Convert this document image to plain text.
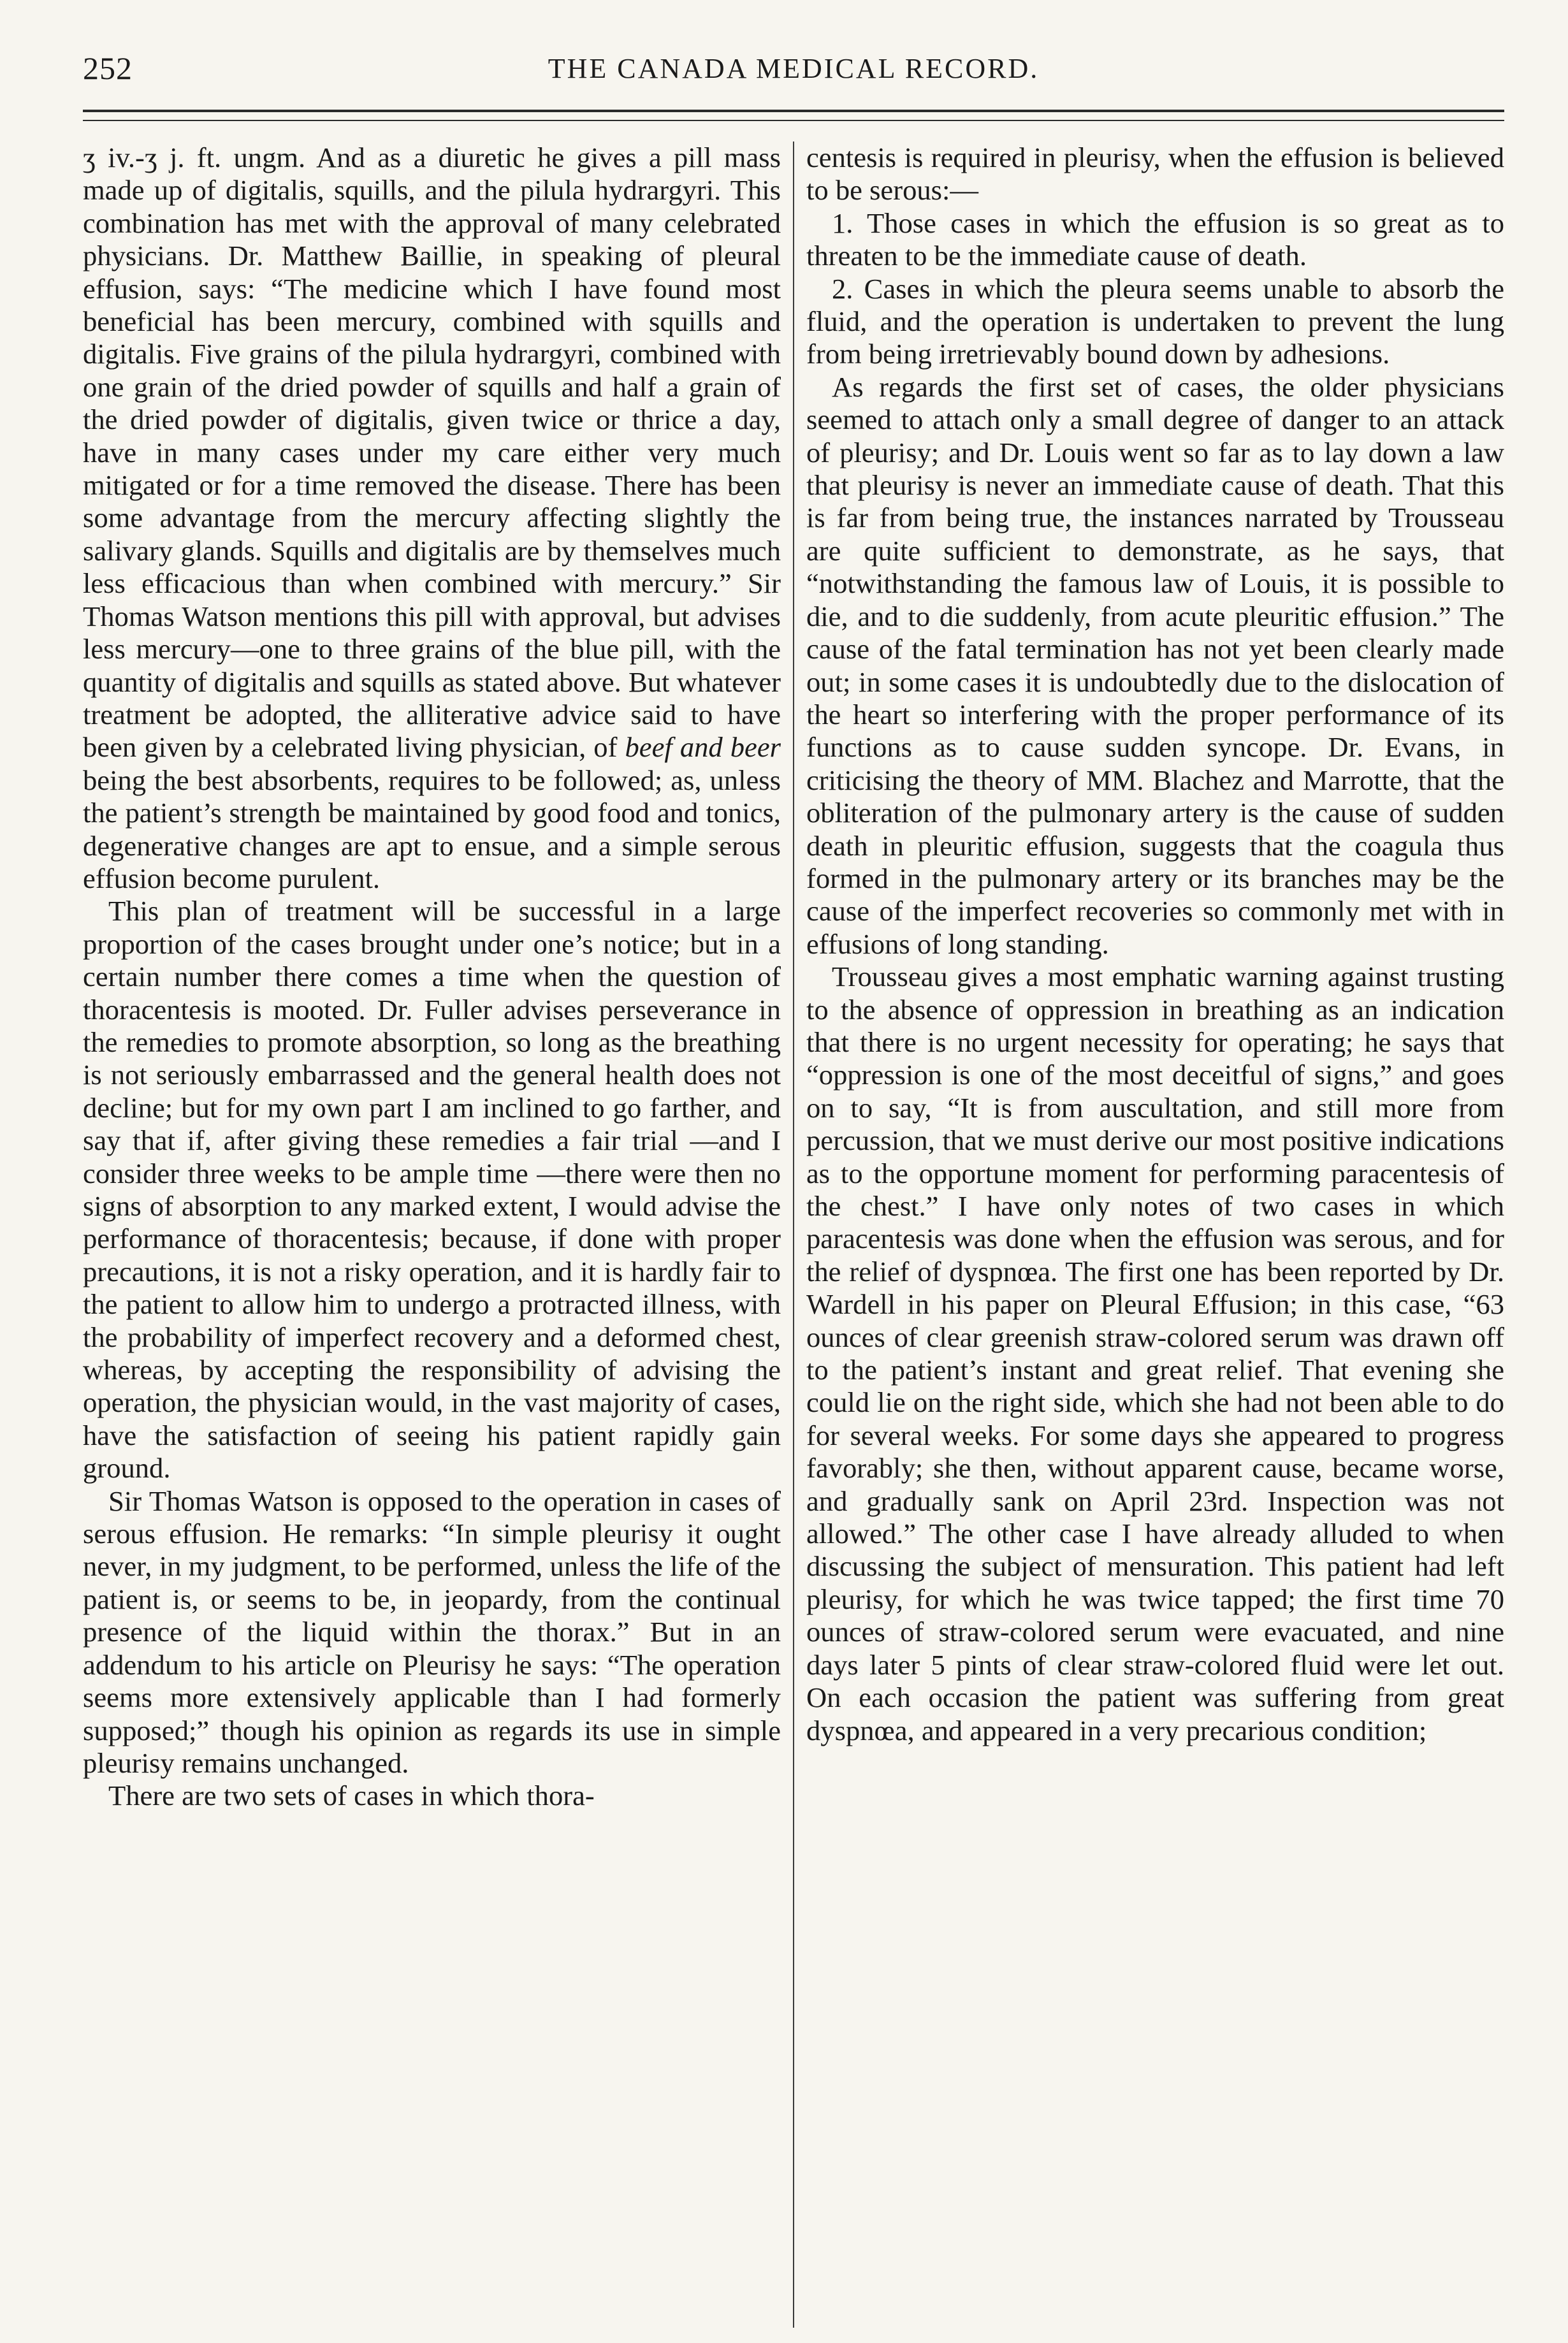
252	THE CANADA MEDICAL RECORD.

ʒ iv.-ʒ j. ft. ungm. And as a diuretic he gives a pill mass made up of digitalis, squills, and the pilula hydrargyri. This combination has met with the approval of many celebrated physicians. Dr. Matthew Baillie, in speaking of pleural effusion, says: “The medicine which I have found most beneficial has been mercury, combined with squills and digitalis. Five grains of the pilula hydrargyri, combined with one grain of the dried powder of squills and half a grain of the dried powder of digitalis, given twice or thrice a day, have in many cases under my care either very much mitigated or for a time removed the disease. There has been some advantage from the mercury affecting slightly the salivary glands. Squills and digitalis are by themselves much less efficacious than when combined with mercury.” Sir Thomas Watson mentions this pill with approval, but advises less mercury—one to three grains of the blue pill, with the quantity of digitalis and squills as stated above. But whatever treatment be adopted, the alliterative advice said to have been given by a celebrated living physician, of beef and beer being the best absorbents, requires to be followed; as, unless the patient’s strength be maintained by good food and tonics, degenerative changes are apt to ensue, and a simple serous effusion become purulent.

This plan of treatment will be successful in a large proportion of the cases brought under one’s notice; but in a certain number there comes a time when the question of thoracentesis is mooted. Dr. Fuller advises perseverance in the remedies to promote absorption, so long as the breathing is not seriously embarrassed and the general health does not decline; but for my own part I am inclined to go farther, and say that if, after giving these remedies a fair trial —and I consider three weeks to be ample time —there were then no signs of absorption to any marked extent, I would advise the performance of thoracentesis; because, if done with proper precautions, it is not a risky operation, and it is hardly fair to the patient to allow him to undergo a protracted illness, with the probability of imperfect recovery and a deformed chest, whereas, by accepting the responsibility of advising the operation, the physician would, in the vast majority of cases, have the satisfaction of seeing his patient rapidly gain ground.

Sir Thomas Watson is opposed to the operation in cases of serous effusion. He remarks: “In simple pleurisy it ought never, in my judgment, to be performed, unless the life of the patient is, or seems to be, in jeopardy, from the continual presence of the liquid within the thorax.” But in an addendum to his article on Pleurisy he says: “The operation seems more extensively applicable than I had formerly supposed;” though his opinion as regards its use in simple pleurisy remains unchanged.

There are two sets of cases in which thora-

centesis is required in pleurisy, when the effusion is believed to be serous:—

1. Those cases in which the effusion is so great as to threaten to be the immediate cause of death.

2. Cases in which the pleura seems unable to absorb the fluid, and the operation is undertaken to prevent the lung from being irretrievably bound down by adhesions.

As regards the first set of cases, the older physicians seemed to attach only a small degree of danger to an attack of pleurisy; and Dr. Louis went so far as to lay down a law that pleurisy is never an immediate cause of death. That this is far from being true, the instances narrated by Trousseau are quite sufficient to demonstrate, as he says, that “notwithstanding the famous law of Louis, it is possible to die, and to die suddenly, from acute pleuritic effusion.” The cause of the fatal termination has not yet been clearly made out; in some cases it is undoubtedly due to the dislocation of the heart so interfering with the proper performance of its functions as to cause sudden syncope. Dr. Evans, in criticising the theory of MM. Blachez and Marrotte, that the obliteration of the pulmonary artery is the cause of sudden death in pleuritic effusion, suggests that the coagula thus formed in the pulmonary artery or its branches may be the cause of the imperfect recoveries so commonly met with in effusions of long standing.

Trousseau gives a most emphatic warning against trusting to the absence of oppression in breathing as an indication that there is no urgent necessity for operating; he says that “oppression is one of the most deceitful of signs,” and goes on to say, “It is from auscultation, and still more from percussion, that we must derive our most positive indications as to the opportune moment for performing paracentesis of the chest.” I have only notes of two cases in which paracentesis was done when the effusion was serous, and for the relief of dyspnœa. The first one has been reported by Dr. Wardell in his paper on Pleural Effusion; in this case, “63 ounces of clear greenish straw-colored serum was drawn off to the patient’s instant and great relief. That evening she could lie on the right side, which she had not been able to do for several weeks. For some days she appeared to progress favorably; she then, without apparent cause, became worse, and gradually sank on April 23rd. Inspection was not allowed.” The other case I have already alluded to when discussing the subject of mensuration. This patient had left pleurisy, for which he was twice tapped; the first time 70 ounces of straw-colored serum were evacuated, and nine days later 5 pints of clear straw-colored fluid were let out. On each occasion the patient was suffering from great dyspnœa, and appeared in a very precarious condition;
